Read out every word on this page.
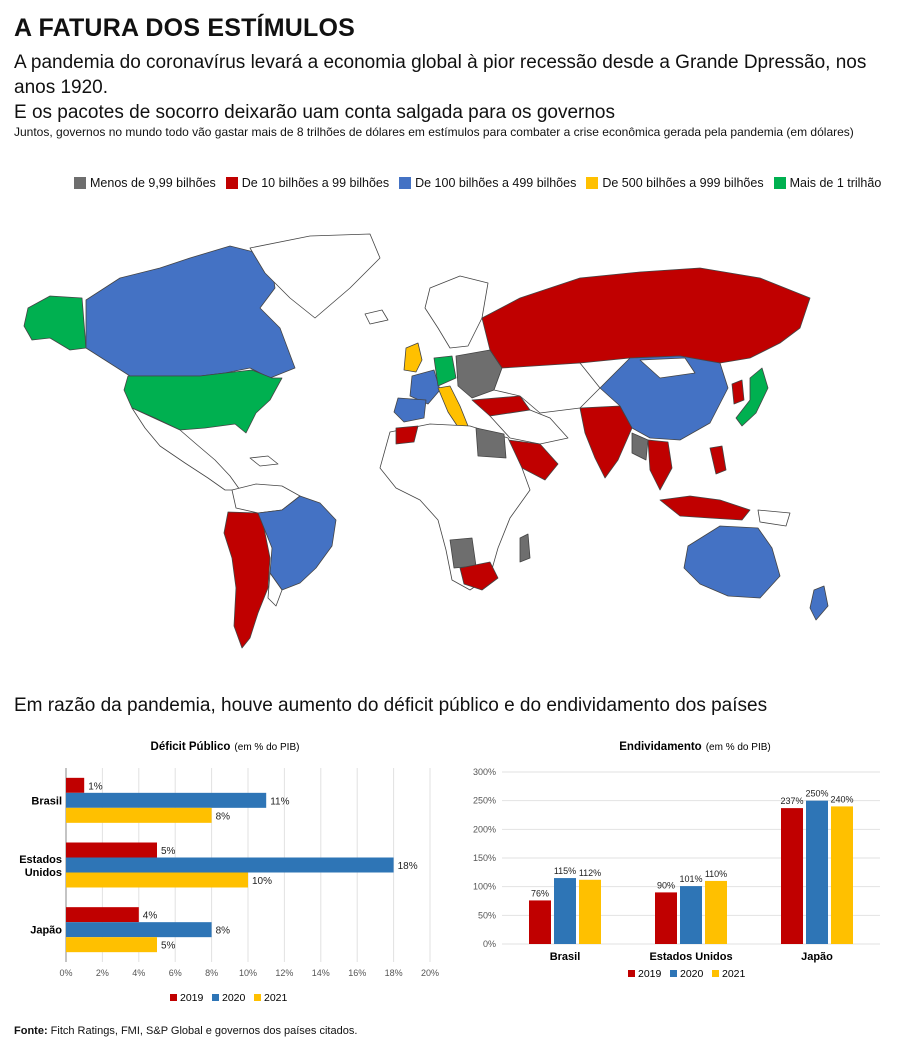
A FATURA DOS ESTÍMULOS
A pandemia do coronavírus levará a economia global à pior recessão desde a Grande Dpressão, nos anos 1920.
E os pacotes de socorro deixarão uam conta salgada para os governos
Juntos, governos no mundo todo vão gastar mais de 8 trilhões de dólares em estímulos para combater a crise econômica gerada pela pandemia (em dólares)
Menos de 9,99 bilhões De 10 bilhões a 99 bilhões De 100 bilhões a 499 bilhões De 500 bilhões a 999 bilhões Mais de 1 trilhão
Em razão da pandemia, houve aumento do déficit público e do endividamento dos países
Déficit Público (em % do PIB)
0%	2%	4%	6%	8% 10% 12% 14% 16% 18% 20%
Brasil
1%
11%
8%
Estados
Unidos
5%
18%
10%
Japão
4%
8%
5%
2019 2020 2021
Endividamento (em % do PIB)
0%
50%
100%
150%
200%
250%
300%
76%
115% 112%
Brasil
90%
101%
110%
Estados Unidos
237%
250%
240%
Japão
2019 2020 2021
Fonte: Fitch Ratings, FMI, S&P Global e governos dos países citados.
